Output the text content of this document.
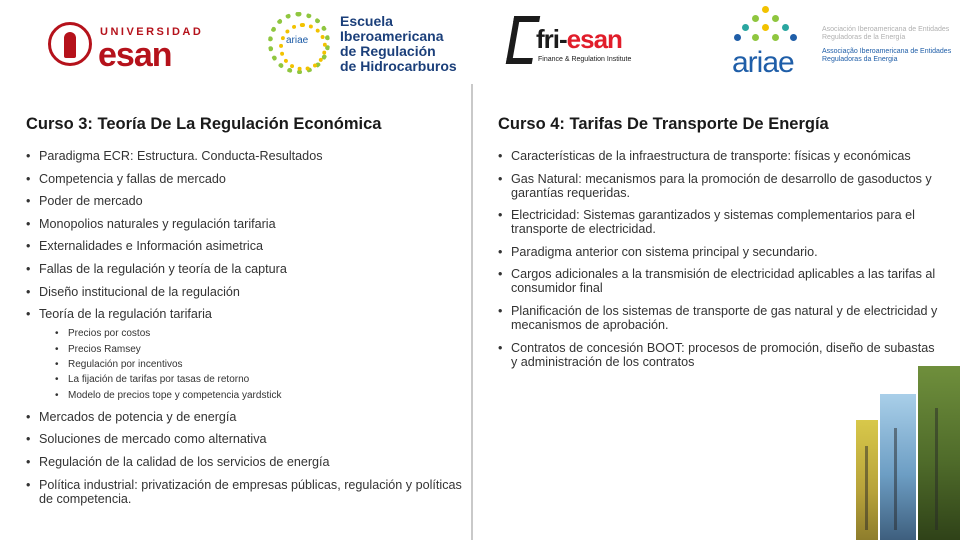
UNIVERSIDAD
esan	ariae
Escuela
Iberoamericana
de Regulación
de Hidrocarburos
fri-esan
Finance & Regulation Institute	ariae
Asociación Iberoamericana de Entidades Reguladoras de la Energía
Associação Iberoamericana de Entidades Reguladoras da Energia
Curso 3: Teoría De La Regulación Económica
• Paradigma ECR: Estructura. Conducta-Resultados
• Competencia y fallas de mercado
• Poder de mercado
• Monopolios naturales y regulación tarifaria
• Externalidades e Información asimetrica
• Fallas de la regulación y teoría de la captura
• Diseño institucional de la regulación
• Teoría de la regulación tarifaria
• Precios por costos
• Precios Ramsey
• Regulación por incentivos
• La fijación de tarifas por tasas de retorno
• Modelo de precios tope y competencia yardstick
• Mercados de potencia y de energía
• Soluciones de mercado como alternativa
• Regulación de la calidad de los servicios de energía
• Política industrial: privatización de empresas públicas, regulación y políticas de competencia.
Curso 4: Tarifas De Transporte De Energía
• Características de la infraestructura de transporte: físicas y económicas
• Gas Natural: mecanismos para la promoción de desarrollo de gasoductos y garantías requeridas.
• Electricidad: Sistemas garantizados y sistemas complementarios para el transporte de electricidad.
• Paradigma anterior con sistema principal y secundario.
• Cargos adicionales a la transmisión de electricidad aplicables a las tarifas al consumidor final
• Planificación de los sistemas de transporte de gas natural y de electricidad y mecanismos de aprobación.
• Contratos de concesión BOOT: procesos de promoción, diseño de subastas y administración de los contratos
